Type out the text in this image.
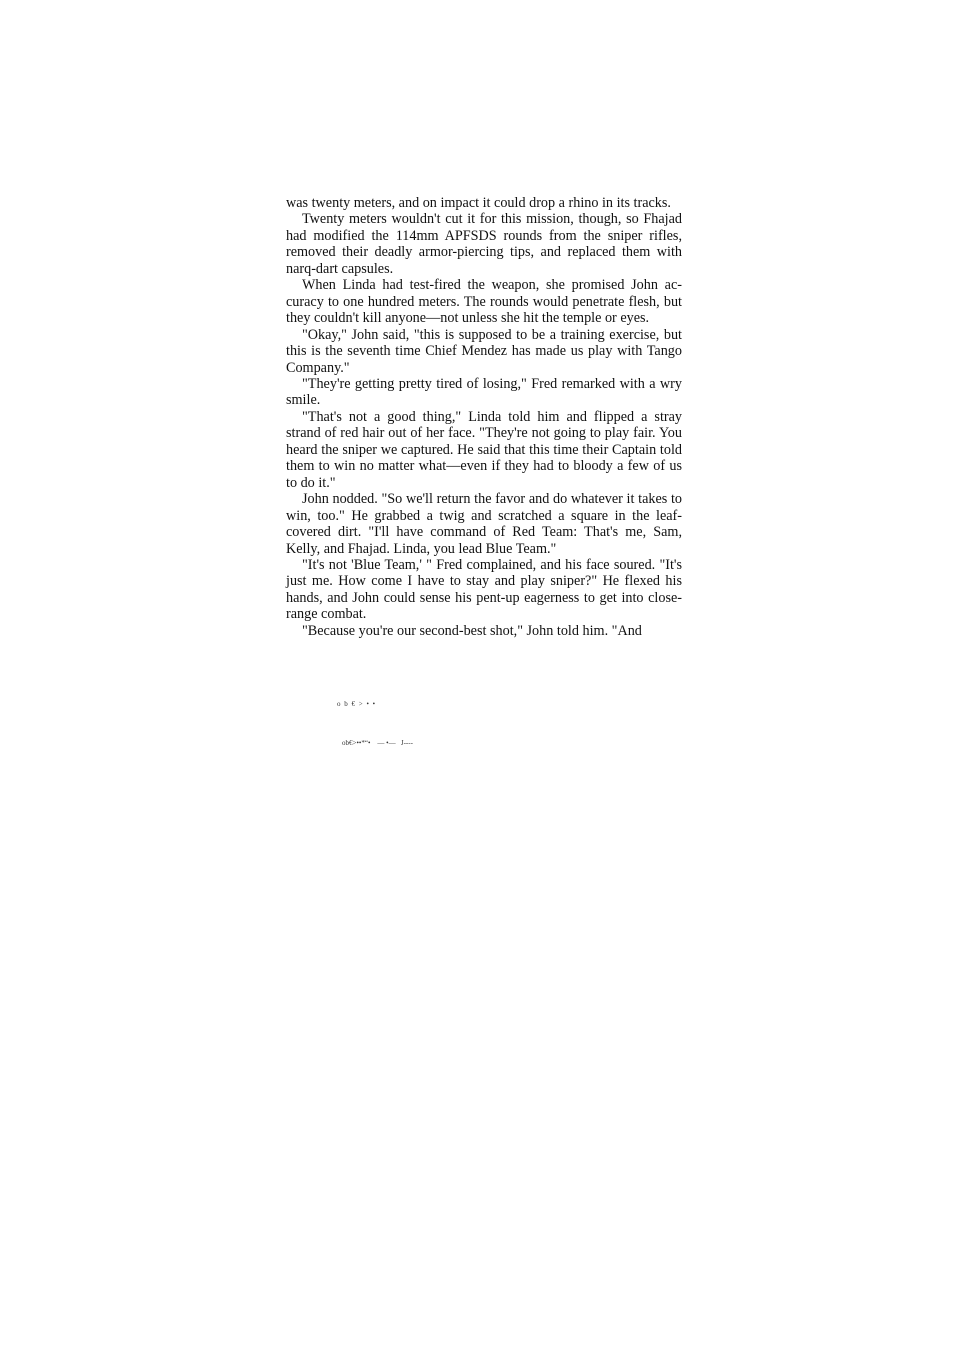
was twenty meters, and on impact it could drop a rhino in its tracks.

Twenty meters wouldn't cut it for this mission, though, so Fhajad had modified the 114mm APFSDS rounds from the sniper rifles, removed their deadly armor-piercing tips, and replaced them with narq-dart capsules.

When Linda had test-fired the weapon, she promised John accuracy to one hundred meters. The rounds would penetrate flesh, but they couldn't kill anyone—not unless she hit the temple or eyes.

"Okay," John said, "this is supposed to be a training exercise, but this is the seventh time Chief Mendez has made us play with Tango Company."

"They're getting pretty tired of losing," Fred remarked with a wry smile.

"That's not a good thing," Linda told him and flipped a stray strand of red hair out of her face. "They're not going to play fair. You heard the sniper we captured. He said that this time their Captain told them to win no matter what—even if they had to bloody a few of us to do it."

John nodded. "So we'll return the favor and do whatever it takes to win, too." He grabbed a twig and scratched a square in the leaf-covered dirt. "I'll have command of Red Team: That's me, Sam, Kelly, and Fhajad. Linda, you lead Blue Team."

"It's not 'Blue Team,' " Fred complained, and his face soured. "It's just me. How come I have to stay and play sniper?" He flexed his hands, and John could sense his pent-up eagerness to get into close-range combat.

"Because you're our second-best shot," John told him. "And

o b € > • •
ob€>••*“•    — •—   J----
